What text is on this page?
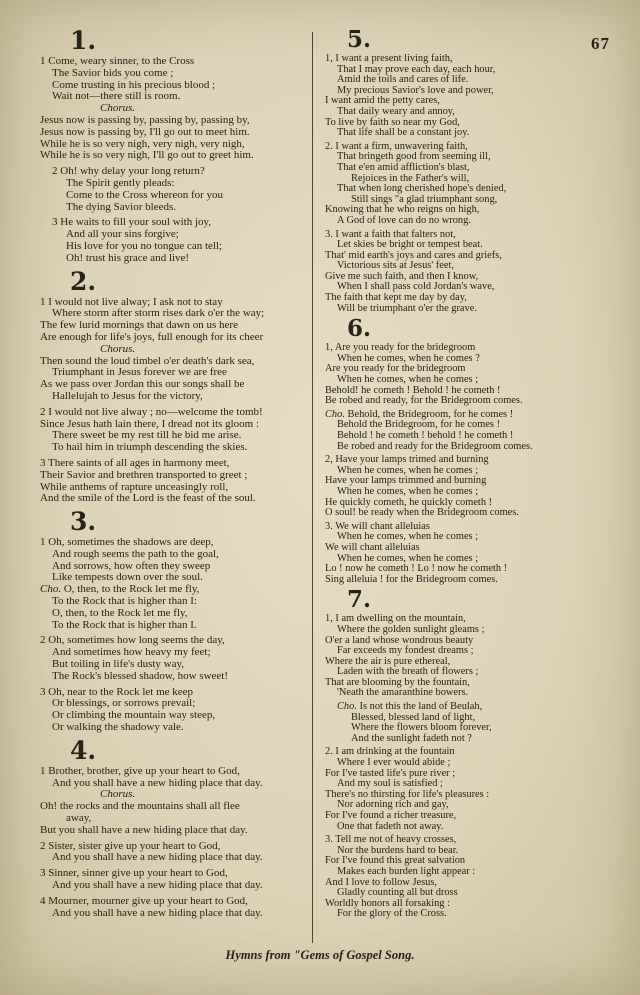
67
1.
1 Come, weary sinner, to the Cross
The Savior bids you come ;
Come trusting in his precious blood ;
Wait not—there still is room.
Chorus.
Jesus now is passing by, passing by, passing by,
Jesus now is passing by, I'll go out to meet him.
While he is so very nigh, very nigh, very nigh,
While he is so very nigh, I'll go out to greet him.
2 Oh! why delay your long return?
The Spirit gently pleads:
Come to the Cross whereon for you
The dying Savior bleeds.
3 He waits to fill your soul with joy,
And all your sins forgive;
His love for you no tongue can tell;
Oh! trust his grace and live!
2.
1 I would not live alway; I ask not to stay
Where storm after storm rises dark o'er the way;
The few lurid mornings that dawn on us here
Are enough for life's joys, full enough for its cheer
Chorus.
Then sound the loud timbel o'er death's dark sea,
Triumphant in Jesus forever we are free
As we pass over Jordan this our songs shall be
Hallelujah to Jesus for the victory,
2 I would not live alway ; no—welcome the tomb!
Since Jesus hath lain there, I dread not its gloom :
There sweet be my rest till he bid me arise.
To hail him in triumph descending the skies.
3 There saints of all ages in harmony meet,
Their Savior and brethren transported to greet ;
While anthems of rapture unceasingly roll,
And the smile of the Lord is the feast of the soul.
3.
1 Oh, sometimes the shadows are deep,
And rough seems the path to the goal,
And sorrows, how often they sweep
Like tempests down over the soul.
Cho. O, then, to the Rock let me fly,
To the Rock that is higher than I:
O, then, to the Rock let me fly,
To the Rock that is higher than I.
2 Oh, sometimes how long seems the day,
And sometimes how heavy my feet;
But toiling in life's dusty way,
The Rock's blessed shadow, how sweet!
3 Oh, near to the Rock let me keep
Or blessings, or sorrows prevail;
Or climbing the mountain way steep,
Or walking the shadowy vale.
4.
1 Brother, brother, give up your heart to God,
And you shall have a new hiding place that day.
Chorus.
Oh! the rocks and the mountains shall all flee
away,
But you shall have a new hiding place that day.
2 Sister, sister give up your heart to God,
And you shall have a new hiding place that day.
3 Sinner, sinner give up your heart to God,
And you shall have a new hiding place that day.
4 Mourner, mourner give up your heart to God,
And you shall have a new hiding place that day.
5.
1, I want a present living faith,
That I may prove each day, each hour,
Amid the toils and cares of life.
My precious Savior's love and power,
I want amid the petty cares,
That daily weary and annoy,
To live by faith so near my God,
That life shall be a constant joy.
2. I want a firm, unwavering faith,
That bringeth good from seeming ill,
That e'en amid affliction's blast,
Rejoices in the Father's will,
That when long cherished hope's denied,
Still sings "a glad triumphant song,
Knowing that he who reigns on high,
A God of love can do no wrong.
3. I want a faith that falters not,
Let skies be bright or tempest beat.
That' mid earth's joys and cares and griefs,
Victorious sits at Jesus' feet,
Give me such faith, and then I know,
When I shall pass cold Jordan's wave,
The faith that kept me day by day,
Will be triumphant o'er the grave.
6.
1, Are you ready for the bridegroom
When he comes, when he comes ?
Are you ready for the bridegroom
When he comes, when he comes ;
Behold! he cometh ! Behold ! he cometh !
Be robed and ready, for the Bridegroom comes.
Cho. Behold, the Bridegroom, for he comes !
Behold the Bridegroom, for he comes !
Behold ! he cometh ! behold ! he cometh !
Be robed and ready for the Bridegroom comes.
2, Have your lamps trimed and burning
When he comes, when he comes ;
Have your lamps trimmed and burning
When he comes, when he comes ;
He quickly cometh, he quickly cometh !
O soul! be ready when the Bridegroom comes.
3. We will chant alleluias
When he comes, when he comes ;
We will chant alleluias
When he comes, when he comes ;
Lo ! now he cometh ! Lo ! now he cometh !
Sing alleluia ! for the Bridegroom comes.
7.
1, I am dwelling on the mountain,
Where the golden sunlight gleams ;
O'er a land whose wondrous beauty
Far exceeds my fondest dreams ;
Where the air is pure ethereal,
Laden with the breath of flowers ;
That are blooming by the fountain,
'Neath the amaranthine bowers.
Cho. Is not this the land of Beulah,
Blessed, blessed land of light,
Where the flowers bloom forever,
And the sunlight fadeth not ?
2. I am drinking at the fountain
Where I ever would abide ;
For I've tasted life's pure river ;
And my soul is satisfied ;
There's no thirsting for life's pleasures :
Nor adorning rich and gay,
For I've found a richer treasure,
One that fadeth not away.
3. Tell me not of heavy crosses,
Nor the burdens hard to bear.
For I've found this great salvation
Makes each burden light appear :
And I love to follow Jesus,
Gladly counting all but dross
Worldly honors all forsaking :
For the glory of the Cross.
Hymns from "Gems of Gospel Song.
